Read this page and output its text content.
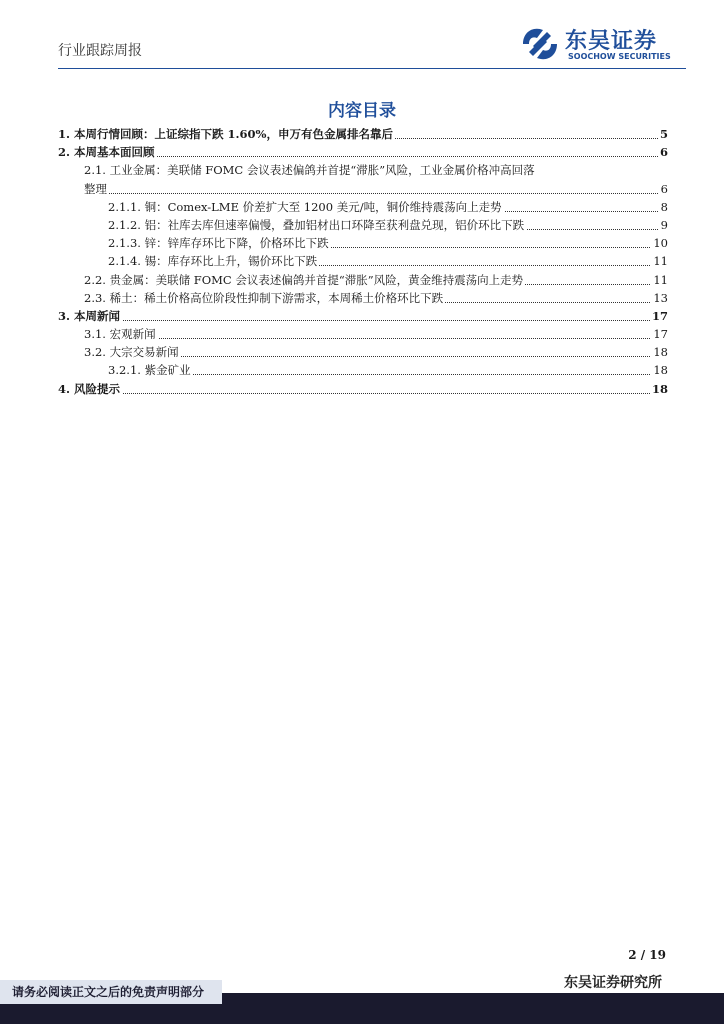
行业跟踪周报	东吴证券
SOOCHOW SECURITIES
内容目录
1. 本周行情回顾：上证综指下跌 1.60%，申万有色金属排名靠后	5
2. 本周基本面回顾	6
2.1. 工业金属：美联储 FOMC 会议表述偏鸽并首提“滞胀”风险，工业金属价格冲高回落
整理	6
2.1.1. 铜：Comex-LME 价差扩大至 1200 美元/吨，铜价维持震荡向上走势	8
2.1.2. 铝：社库去库但速率偏慢，叠加铝材出口环降至获利盘兑现，铝价环比下跌	9
2.1.3. 锌：锌库存环比下降，价格环比下跌	10
2.1.4. 锡：库存环比上升，锡价环比下跌	11
2.2. 贵金属：美联储 FOMC 会议表述偏鸽并首提“滞胀”风险，黄金维持震荡向上走势	11
2.3. 稀土：稀土价格高位阶段性抑制下游需求，本周稀土价格环比下跌	13
3. 本周新闻	17
3.1. 宏观新闻	17
3.2. 大宗交易新闻	18
3.2.1. 紫金矿业	18
4. 风险提示	18
2 / 19
东吴证券研究所
请务必阅读正文之后的免责声明部分
